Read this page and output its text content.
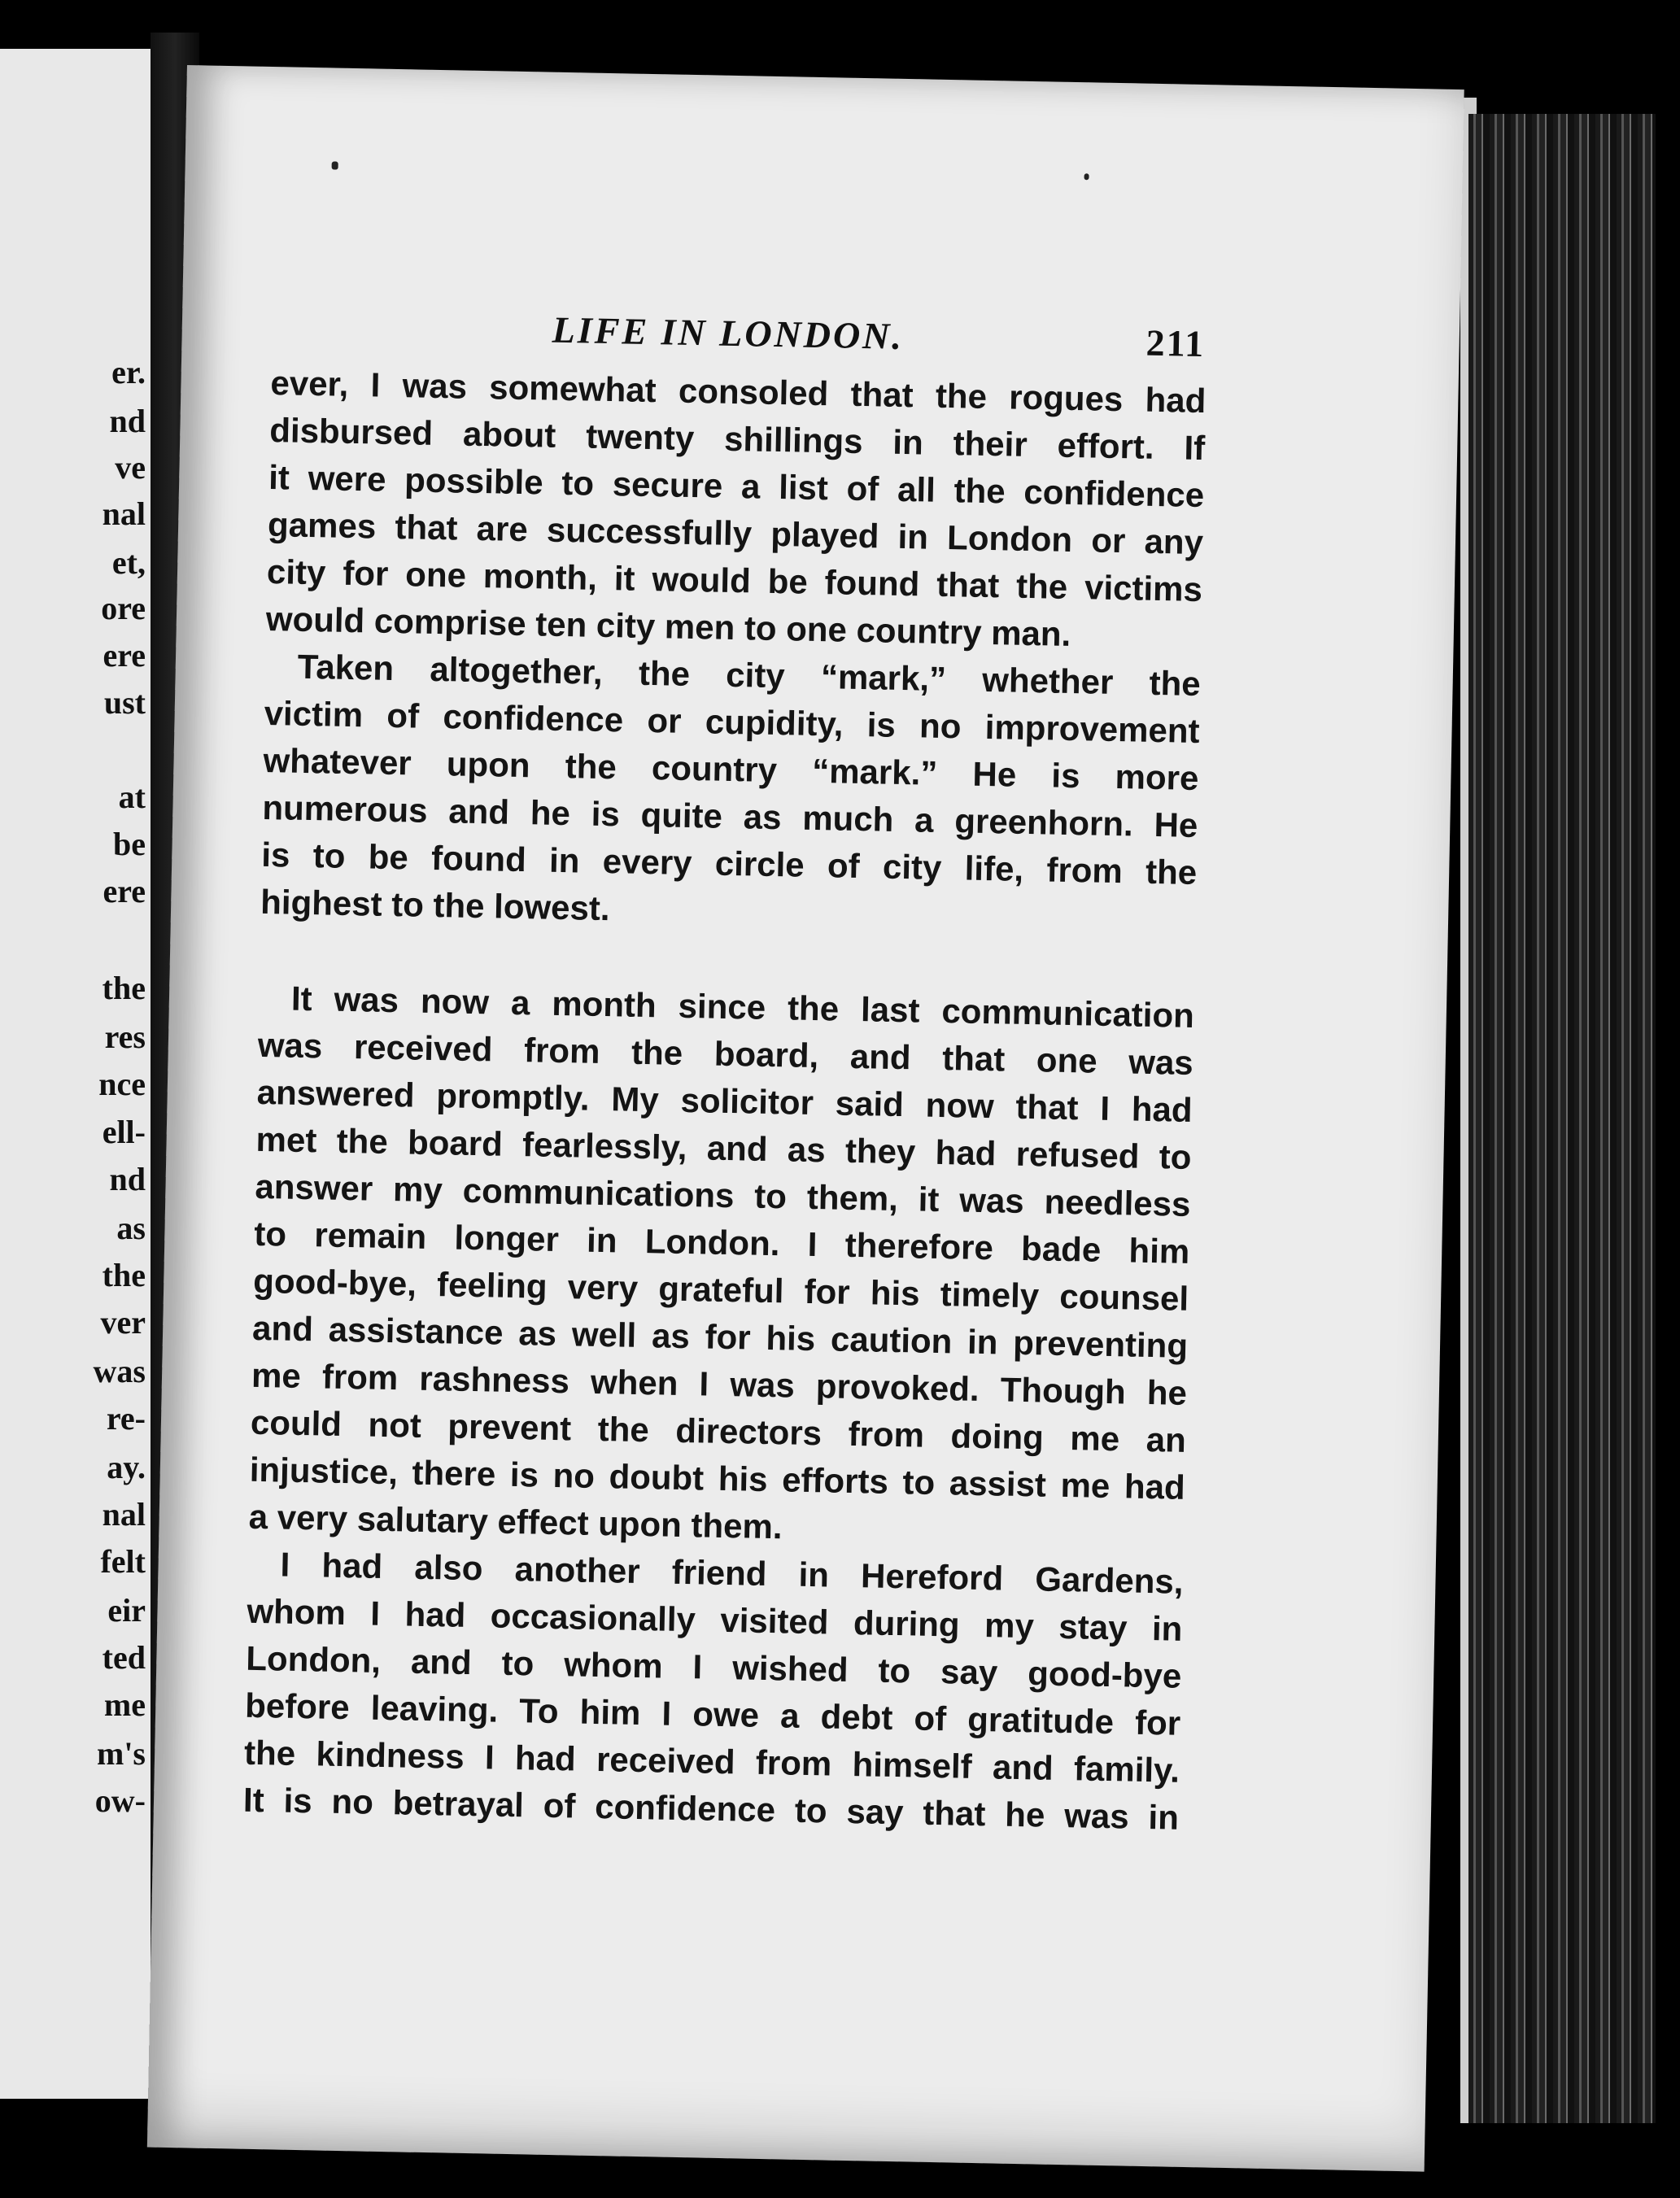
er.
nd
ve
nal
et,
ore
ere
ust
at
be
ere
the
res
nce
ell-
nd
as
the
ver
was
re-
ay.
nal
felt
eir
ted
me
m's
ow-
LIFE IN LONDON.	211
ever, I was somewhat consoled that the rogues had
disbursed about twenty shillings in their effort. If
it were possible to secure a list of all the confidence
games that are successfully played in London or any
city for one month, it would be found that the victims
would comprise ten city men to one country man.
Taken altogether, the city “mark,” whether the
victim of confidence or cupidity, is no improvement
whatever upon the country “mark.” He is more
numerous and he is quite as much a greenhorn. He
is to be found in every circle of city life, from the
highest to the lowest.
It was now a month since the last communication
was received from the board, and that one was
answered promptly. My solicitor said now that I had
met the board fearlessly, and as they had refused to
answer my communications to them, it was needless
to remain longer in London. I therefore bade him
good-bye, feeling very grateful for his timely counsel
and assistance as well as for his caution in preventing
me from rashness when I was provoked. Though he
could not prevent the directors from doing me an
injustice, there is no doubt his efforts to assist me had
a very salutary effect upon them.
I had also another friend in Hereford Gardens,
whom I had occasionally visited during my stay in
London, and to whom I wished to say good-bye
before leaving. To him I owe a debt of gratitude for
the kindness I had received from himself and family.
It is no betrayal of confidence to say that he was in
